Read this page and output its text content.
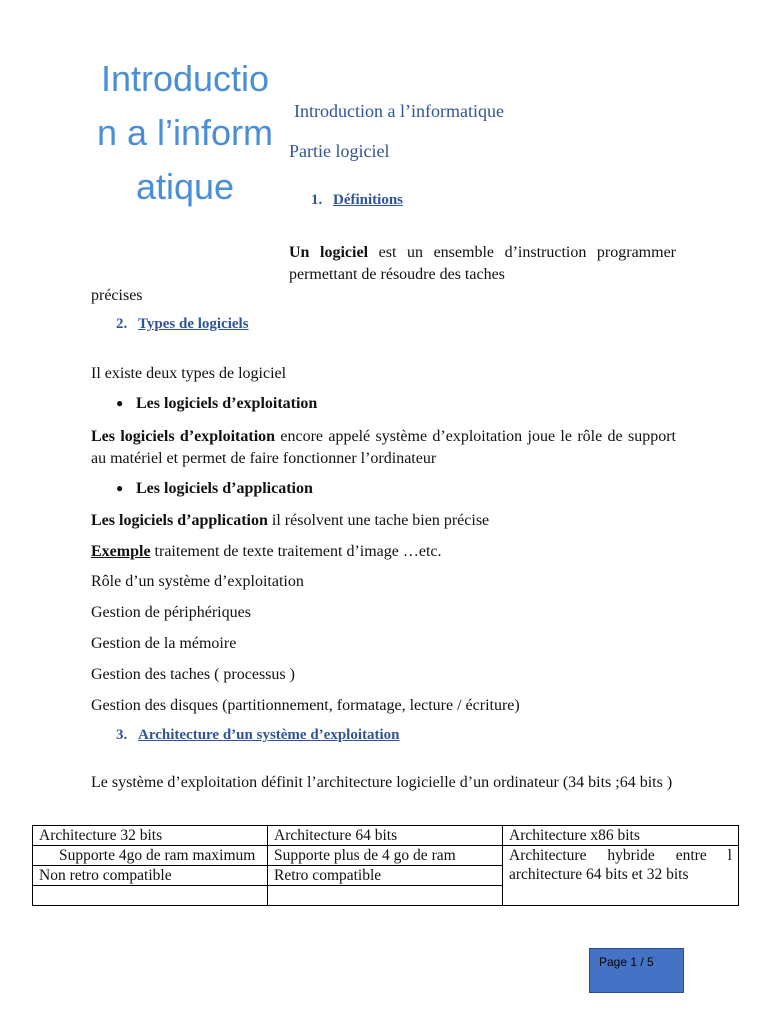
Introduction a l’informatique
Introduction a l’informatique
Partie logiciel
1. Définitions
Un logiciel est un ensemble d’instruction programmer permettant de résoudre des taches
précises
2. Types de logiciels
Il existe deux types de logiciel
● Les logiciels d’exploitation
Les logiciels d’exploitation encore appelé système d’exploitation joue le rôle de support au matériel et permet de faire fonctionner l’ordinateur
● Les logiciels d’application
Les logiciels d’application il résolvent une tache bien précise
Exemple traitement de texte traitement d’image …etc.
Rôle d’un système d’exploitation
Gestion de périphériques
Gestion de la mémoire
Gestion des taches ( processus )
Gestion des disques (partitionnement, formatage, lecture / écriture)
3. Architecture d’un système d’exploitation
Le système d’exploitation définit l’architecture logicielle d’un ordinateur (34 bits ;64 bits )
Architecture 32 bits	Architecture 64 bits	Architecture x86 bits
Supporte 4go de ram maximum	Supporte plus de 4 go de ram	Architecture hybride entre l architecture 64 bits et 32 bits
Non retro compatible	Retro compatible	

Page 1 / 5
